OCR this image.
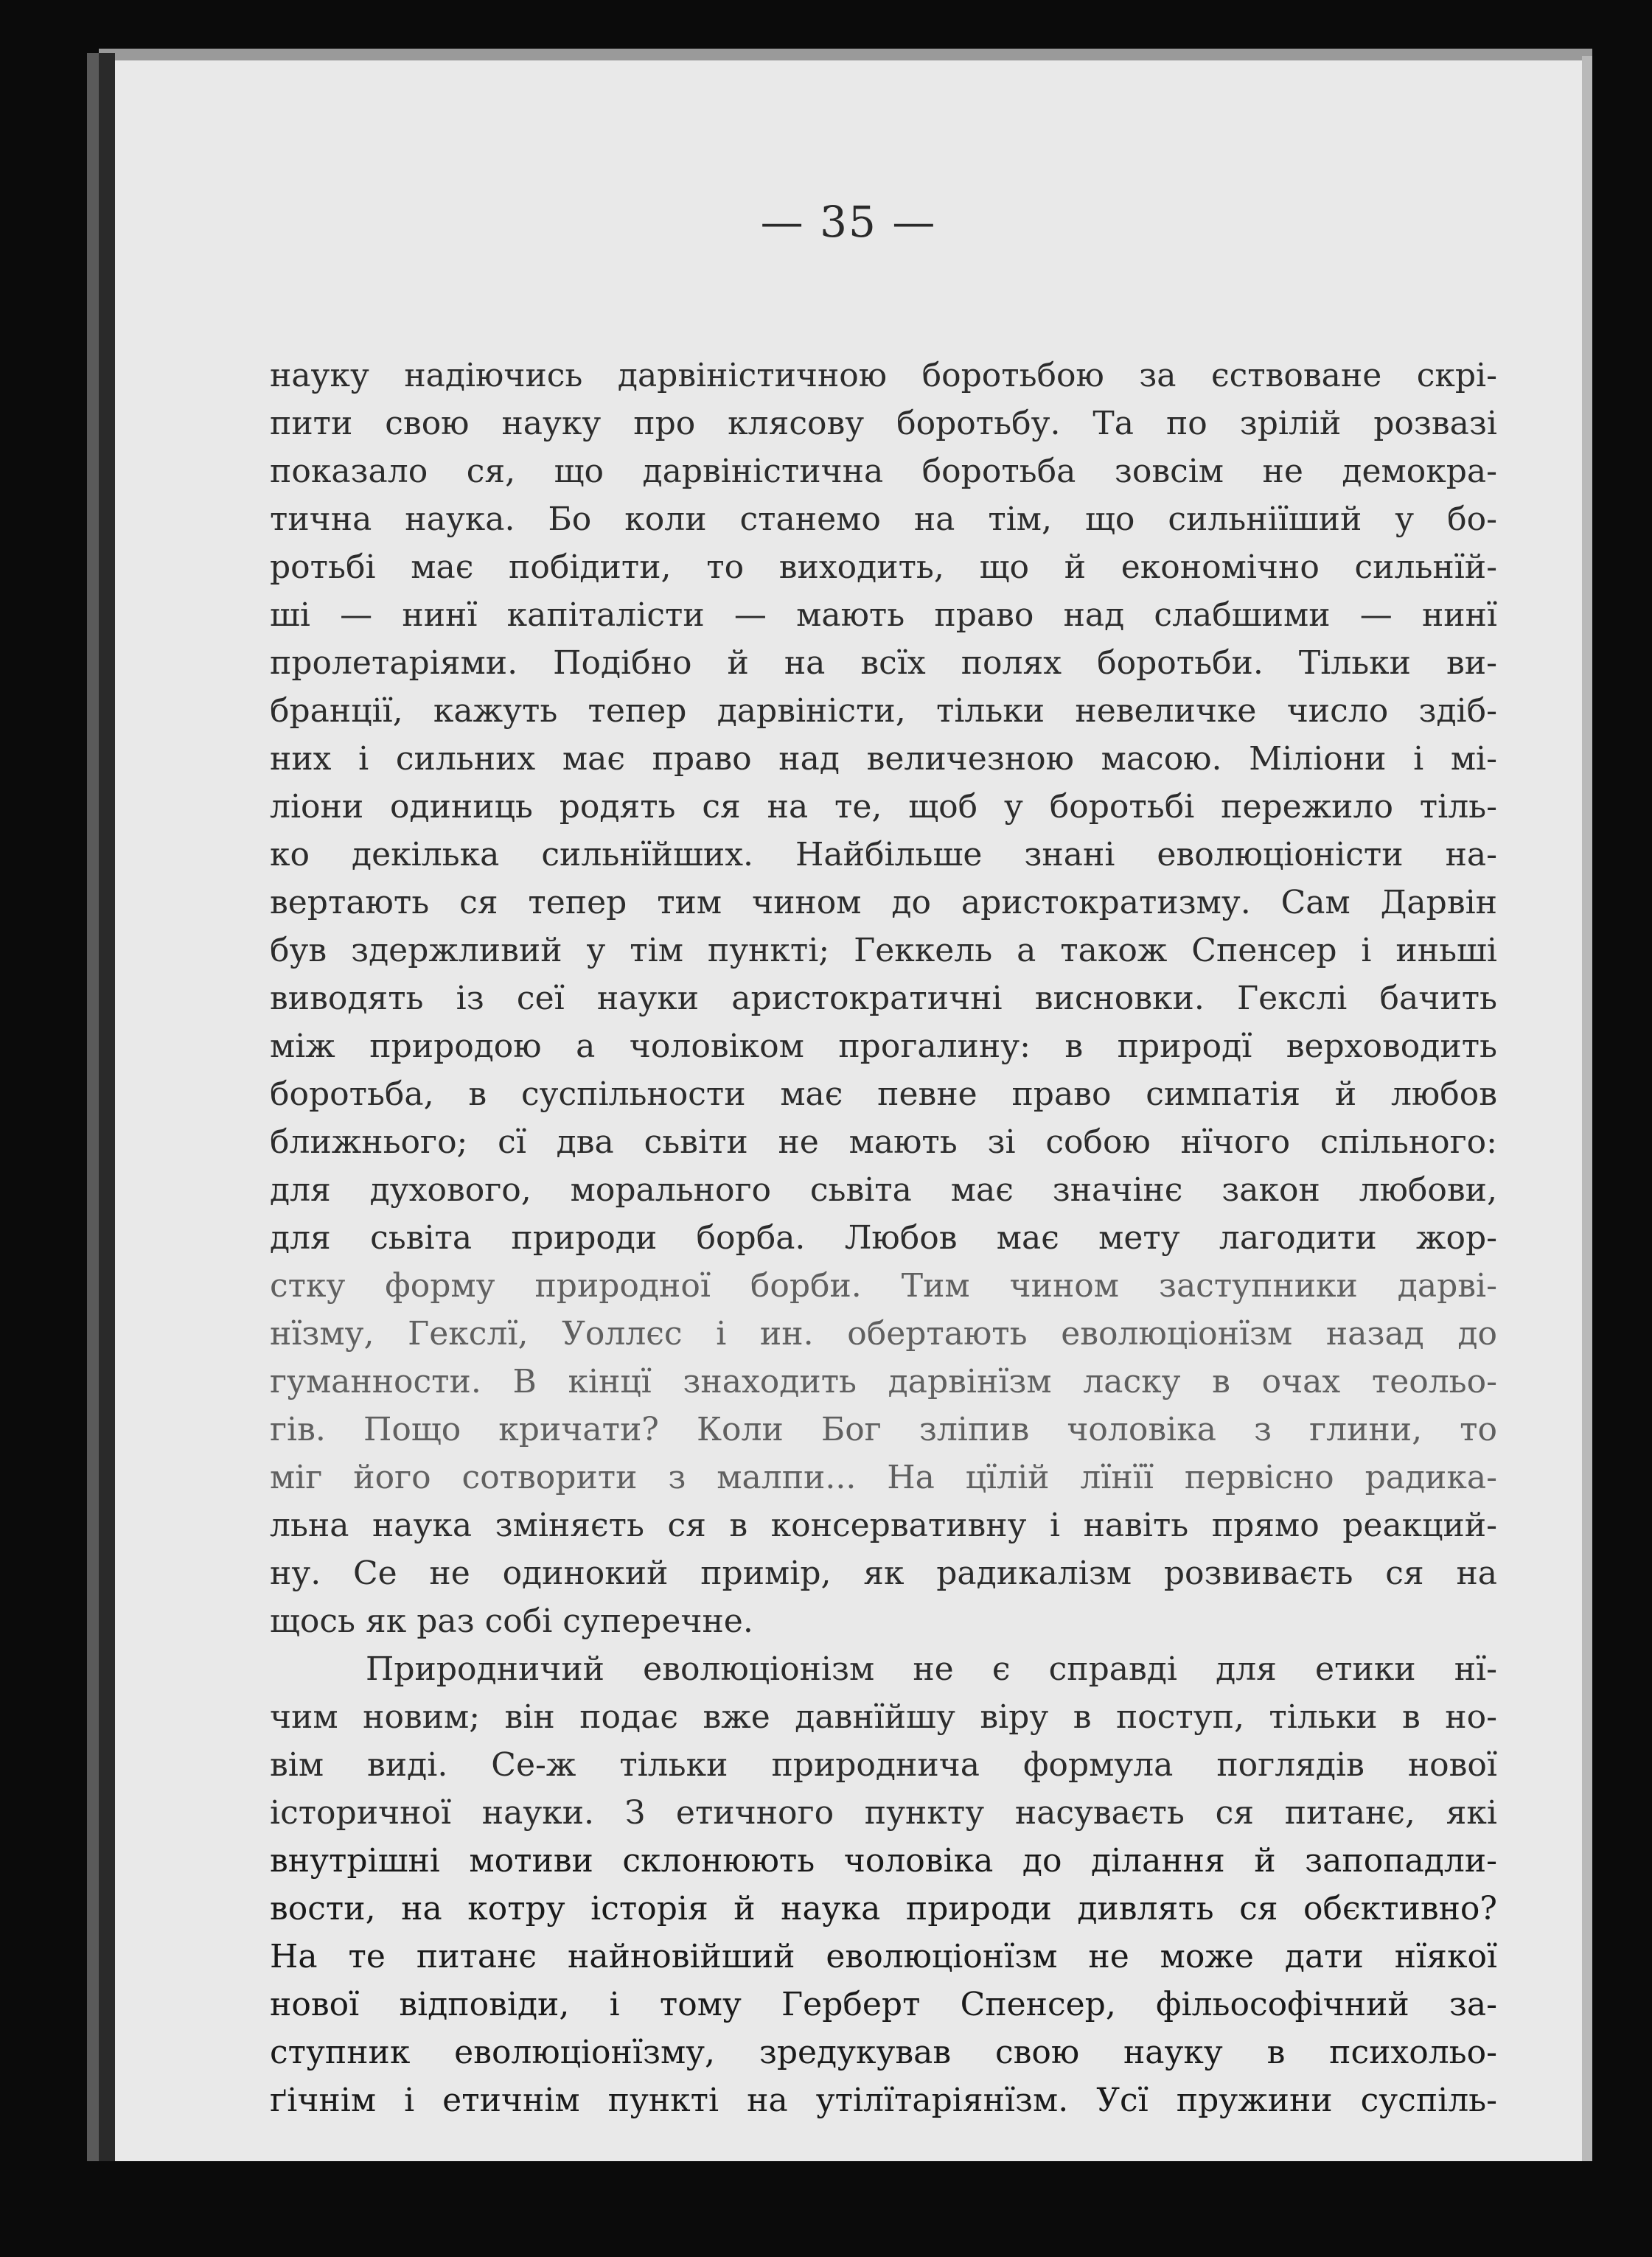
— 35 —
науку надіючись дарвіністичною боротьбою за єствоване скрі-
пити свою науку про клясову боротьбу. Та по зрілій розвазі
показало ся, що дарвіністична боротьба зовсім не демокра-
тична наука. Бо коли станемо на тім, що сильніїший у бо-
ротьбі має побідити, то виходить, що й економічно сильнїй-
ші — нинї капіталісти — мають право над слабшими — нинї
пролетаріями. Подібно й на всїх полях боротьби. Тільки ви-
бранції, кажуть тепер дарвіністи, тільки невеличке число здіб-
них і сильних має право над величезною масою. Міліони і мі-
ліони одиниць родять ся на те, щоб у боротьбі пережило тіль-
ко декілька сильнїйших. Найбільше знані еволюціоністи на-
вертають ся тепер тим чином до аристократизму. Сам Дарвін
був здержливий у тім пункті; Геккель а також Спенсер і иньші
виводять із сеї науки аристократичні висновки. Гекслі бачить
між природою а чоловіком прогалину: в природї верховодить
боротьба, в суспільности має певне право симпатія й любов
ближнього; сї два сьвіти не мають зі собою нїчого спільного:
для духового, морального сьвіта має значінє закон любови,
для сьвіта природи борба. Любов має мету лагодити жор-
стку форму природної борби. Тим чином заступники дарві-
нїзму, Гекслї, Уоллєс і ин. обертають еволюціонїзм назад до
гуманности. В кінцї знаходить дарвінїзм ласку в очах теольо-
гів. Пощо кричати? Коли Бог зліпив чоловіка з глини, то
міг його сотворити з малпи... На цїлій лїнїї первісно радика-
льна наука зміняєть ся в консервативну і навіть прямо реакций-
ну. Се не одинокий примір, як радикалізм розвиваєть ся на
щось як раз собі суперечне.
Природничий еволюціонізм не є справді для етики нї-
чим новим; він подає вже давнїйшу віру в поступ, тільки в но-
вім виді. Се-ж тільки природнича формула поглядів нової
історичної науки. З етичного пункту насуваєть ся питанє, які
внутрішні мотиви склонюють чоловіка до ділання й запопадли-
вости, на котру історія й наука природи дивлять ся обєктивно?
На те питанє найновійший еволюціонїзм не може дати нїякої
нової відповіди, і тому Герберт Спенсер, фільософічний за-
ступник еволюціонїзму, зредукував свою науку в психольо-
ґічнім і етичнім пункті на утілїтаріянїзм. Усї пружини суспіль-
